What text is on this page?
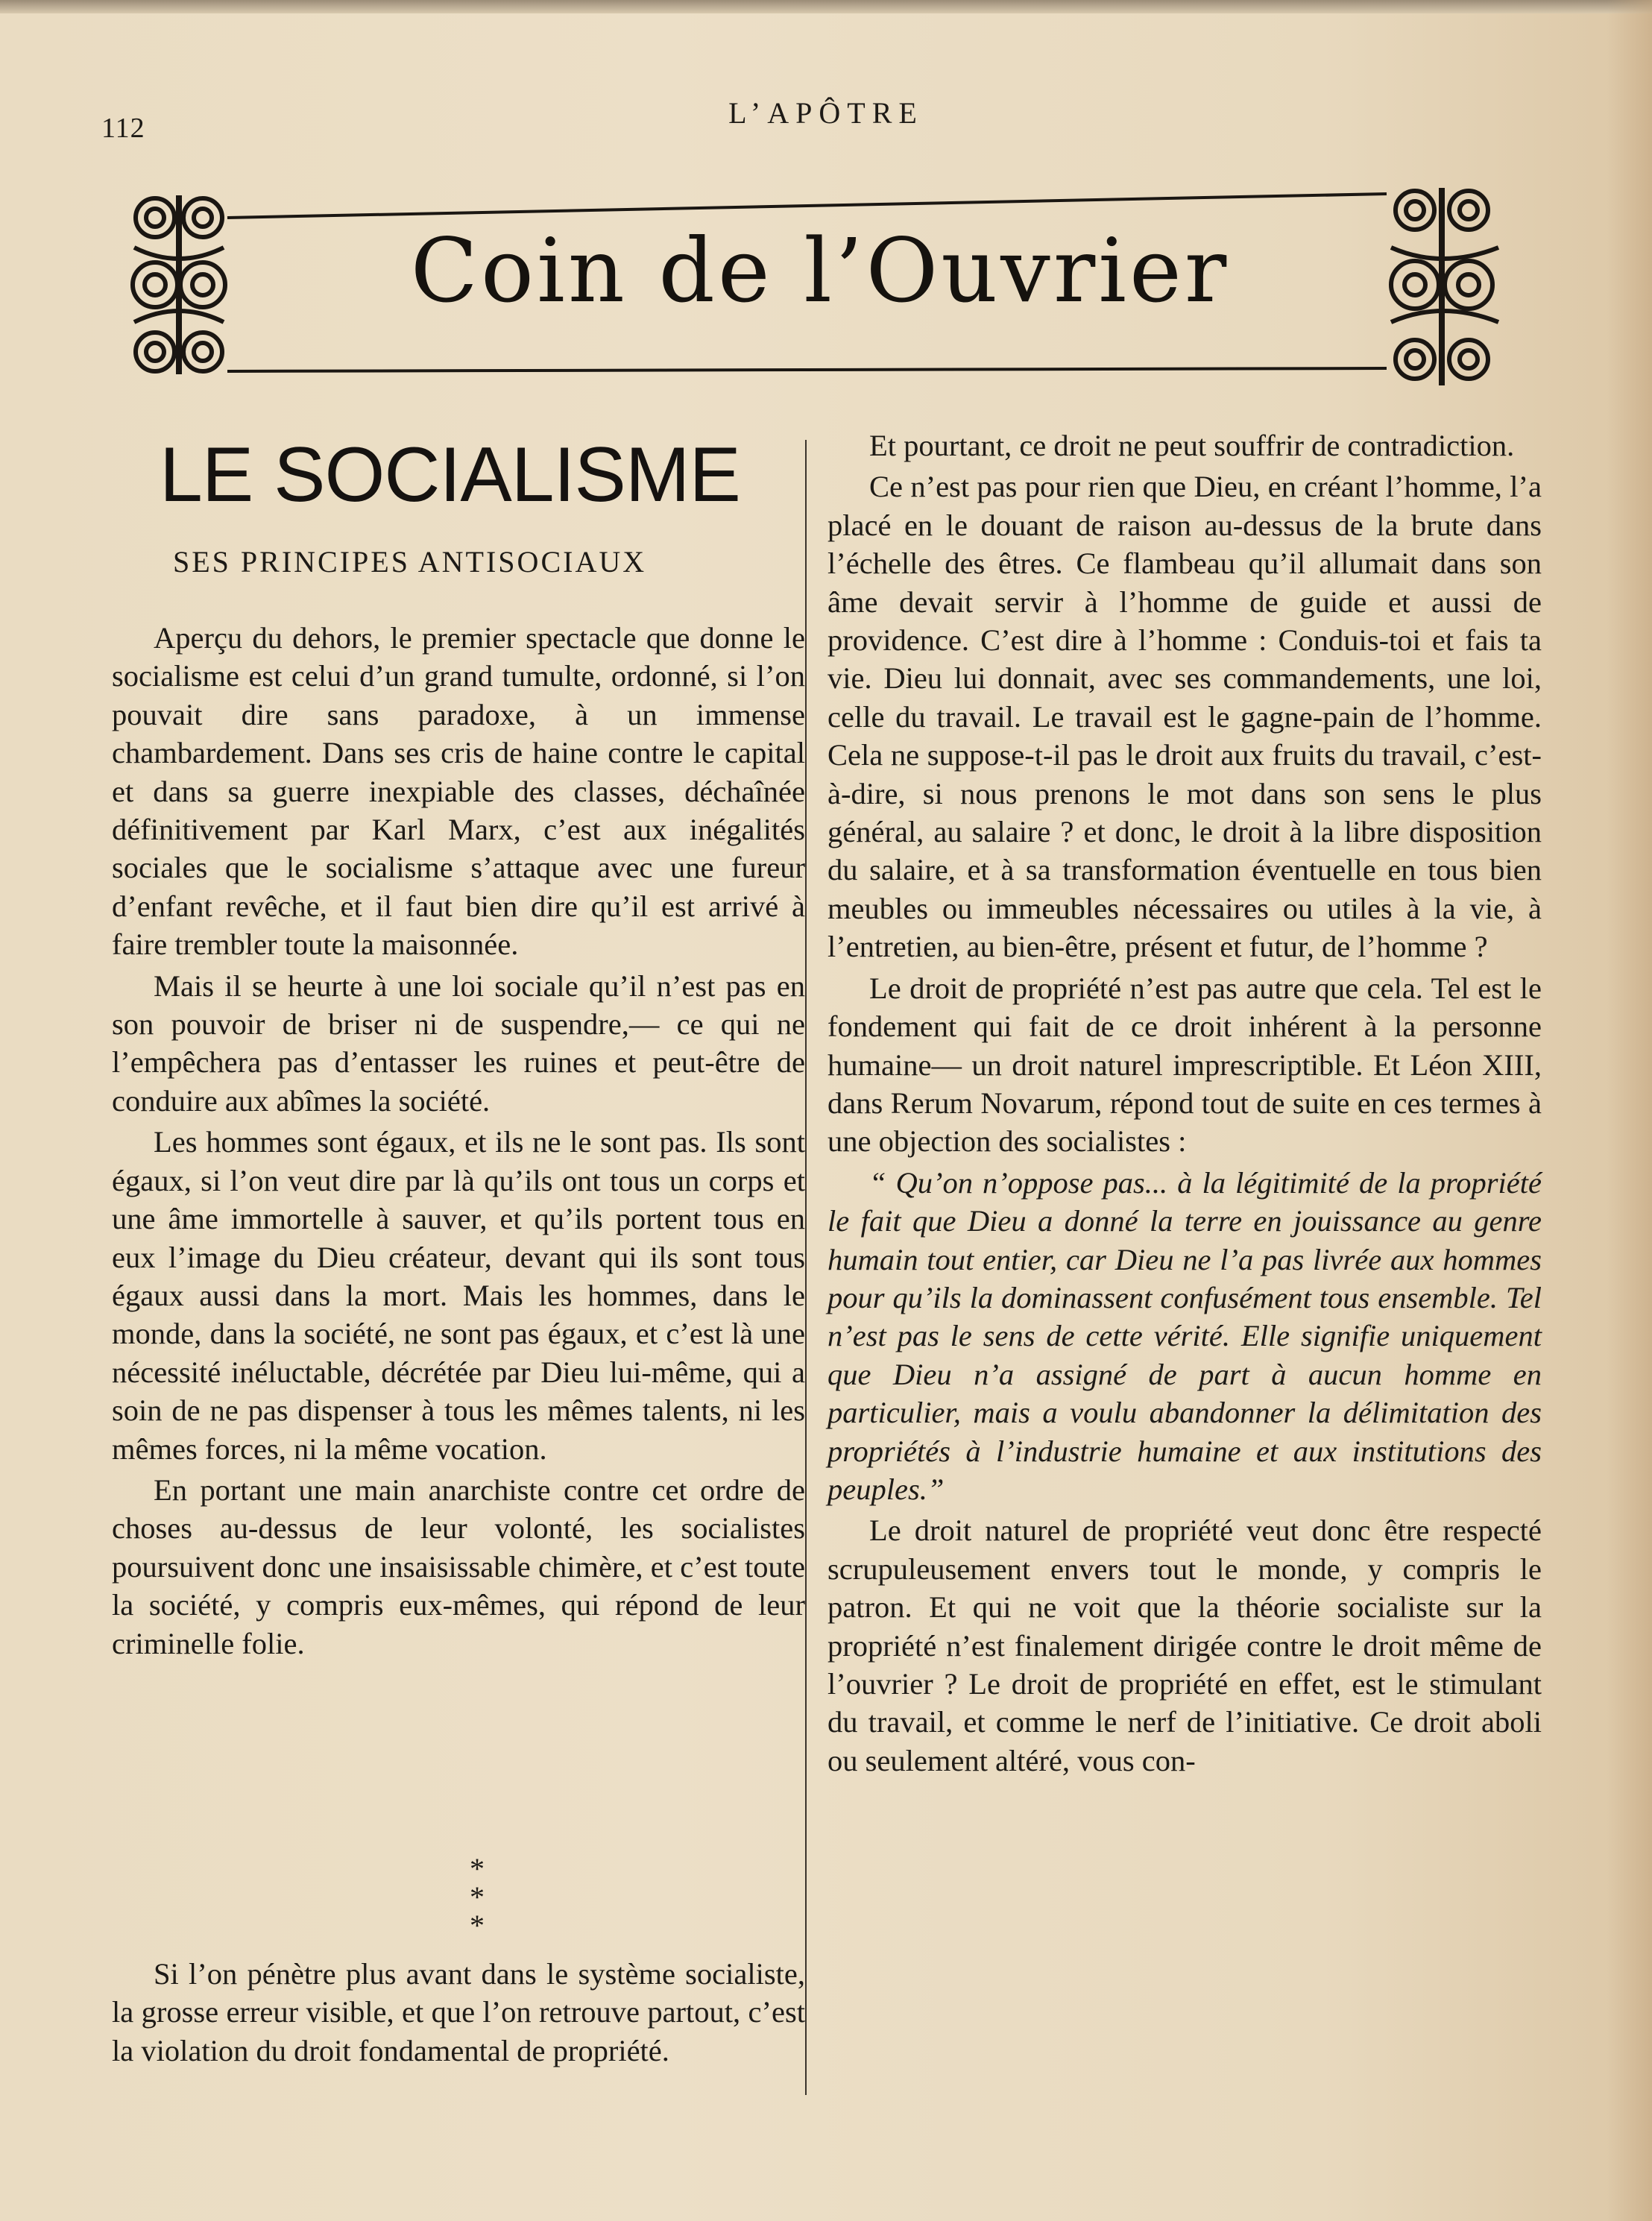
112	L’APÔTRE
Coin de l’Ouvrier
LE SOCIALISME
SES PRINCIPES ANTISOCIAUX

Aperçu du dehors, le premier spectacle que donne le socialisme est celui d’un grand tumulte, ordonné, si l’on pouvait dire sans paradoxe, à un immense chambardement. Dans ses cris de haine contre le capital et dans sa guerre inexpiable des classes, déchaînée définitivement par Karl Marx, c’est aux inégalités sociales que le socialisme s’attaque avec une fureur d’enfant revêche, et il faut bien dire qu’il est arrivé à faire trembler toute la maisonnée.

Mais il se heurte à une loi sociale qu’il n’est pas en son pouvoir de briser ni de suspendre,— ce qui ne l’empêchera pas d’entasser les ruines et peut-être de conduire aux abîmes la société.

Les hommes sont égaux, et ils ne le sont pas. Ils sont égaux, si l’on veut dire par là qu’ils ont tous un corps et une âme immortelle à sauver, et qu’ils portent tous en eux l’image du Dieu créateur, devant qui ils sont tous égaux aussi dans la mort. Mais les hommes, dans le monde, dans la société, ne sont pas égaux, et c’est là une nécessité inéluctable, décrétée par Dieu lui-même, qui a soin de ne pas dispenser à tous les mêmes talents, ni les mêmes forces, ni la même vocation.

En portant une main anarchiste contre cet ordre de choses au-dessus de leur volonté, les socialistes poursuivent donc une insaisissable chimère, et c’est toute la société, y compris eux-mêmes, qui répond de leur criminelle folie.

*
* *

Si l’on pénètre plus avant dans le système socialiste, la grosse erreur visible, et que l’on retrouve partout, c’est la violation du droit fondamental de propriété.

Et pourtant, ce droit ne peut souffrir de contradiction.

Ce n’est pas pour rien que Dieu, en créant l’homme, l’a placé en le douant de raison au-dessus de la brute dans l’échelle des êtres. Ce flambeau qu’il allumait dans son âme devait servir à l’homme de guide et aussi de providence. C’est dire à l’homme : Conduis-toi et fais ta vie. Dieu lui donnait, avec ses commandements, une loi, celle du travail. Le travail est le gagne-pain de l’homme. Cela ne suppose-t-il pas le droit aux fruits du travail, c’est-à-dire, si nous prenons le mot dans son sens le plus général, au salaire ? et donc, le droit à la libre disposition du salaire, et à sa transformation éventuelle en tous bien meubles ou immeubles nécessaires ou utiles à la vie, à l’entretien, au bien-être, présent et futur, de l’homme ?

Le droit de propriété n’est pas autre que cela. Tel est le fondement qui fait de ce droit inhérent à la personne humaine— un droit naturel imprescriptible. Et Léon XIII, dans Rerum Novarum, répond tout de suite en ces termes à une objection des socialistes :

“ Qu’on n’oppose pas... à la légitimité de la propriété le fait que Dieu a donné la terre en jouissance au genre humain tout entier, car Dieu ne l’a pas livrée aux hommes pour qu’ils la dominassent confusément tous ensemble. Tel n’est pas le sens de cette vérité. Elle signifie uniquement que Dieu n’a assigné de part à aucun homme en particulier, mais a voulu abandonner la délimitation des propriétés à l’industrie humaine et aux institutions des peuples.”

Le droit naturel de propriété veut donc être respecté scrupuleusement envers tout le monde, y compris le patron. Et qui ne voit que la théorie socialiste sur la propriété n’est finalement dirigée contre le droit même de l’ouvrier ? Le droit de propriété en effet, est le stimulant du travail, et comme le nerf de l’initiative. Ce droit aboli ou seulement altéré, vous con-
